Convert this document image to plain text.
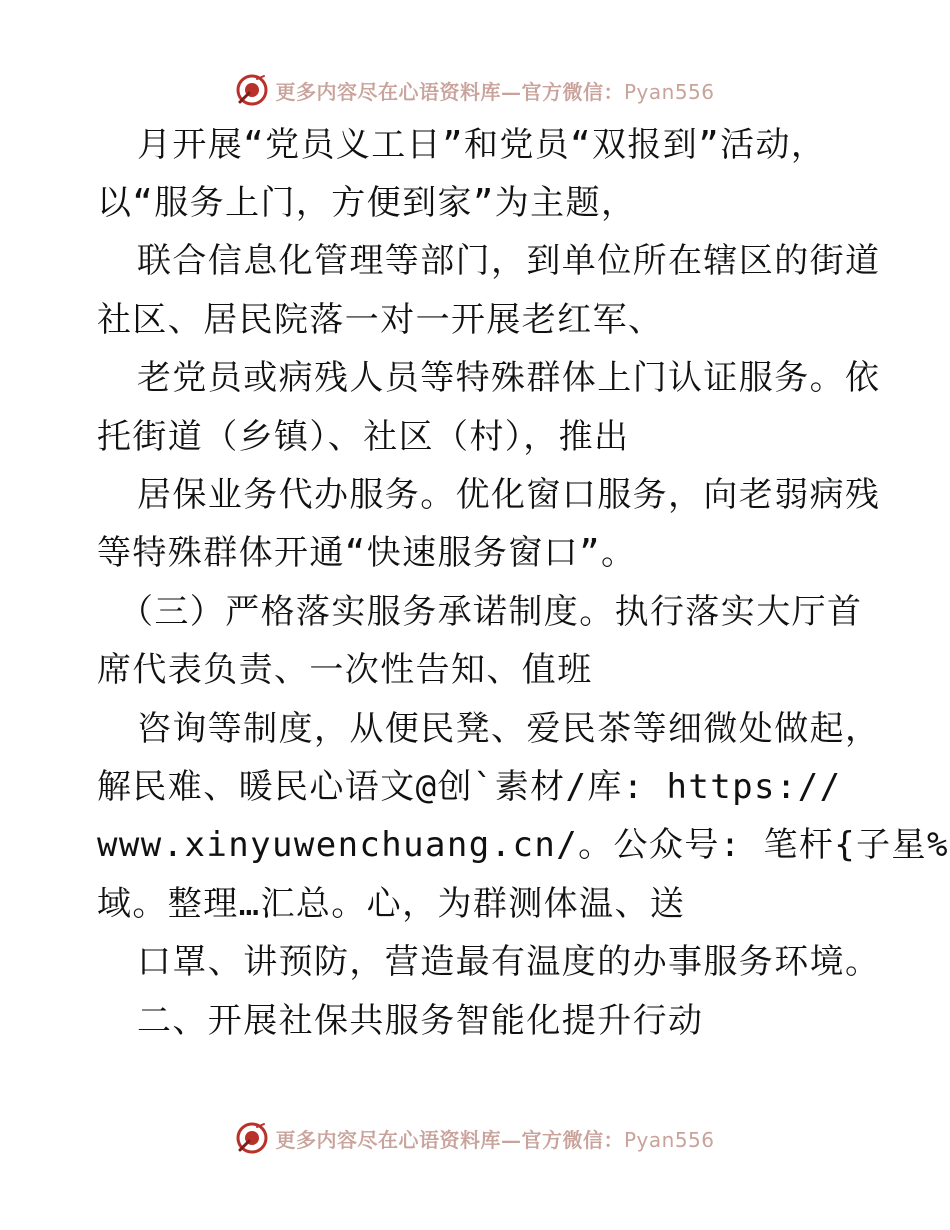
更多内容尽在心语资料库—官方微信：Pyan556
月开展“党员义工日”和党员“双报到”活动，
以“服务上门，方便到家”为主题，
联合信息化管理等部门，到单位所在辖区的街道
社区、居民院落一对一开展老红军、
老党员或病残人员等特殊群体上门认证服务。依
托街道（乡镇）、社区（村），推出
居保业务代办服务。优化窗口服务，向老弱病残
等特殊群体开通“快速服务窗口”。
（三）严格落实服务承诺制度。执行落实大厅首
席代表负责、一次性告知、值班
咨询等制度，从便民凳、爱民茶等细微处做起，
解民难、暖民心语文@创`素材/库: https://
www.xinyuwenchuang.cn/。公众号: 笔杆{子星%
域。整理…汇总。心，为群测体温、送
口罩、讲预防，营造最有温度的办事服务环境。
二、开展社保共服务智能化提升行动
更多内容尽在心语资料库—官方微信：Pyan556
